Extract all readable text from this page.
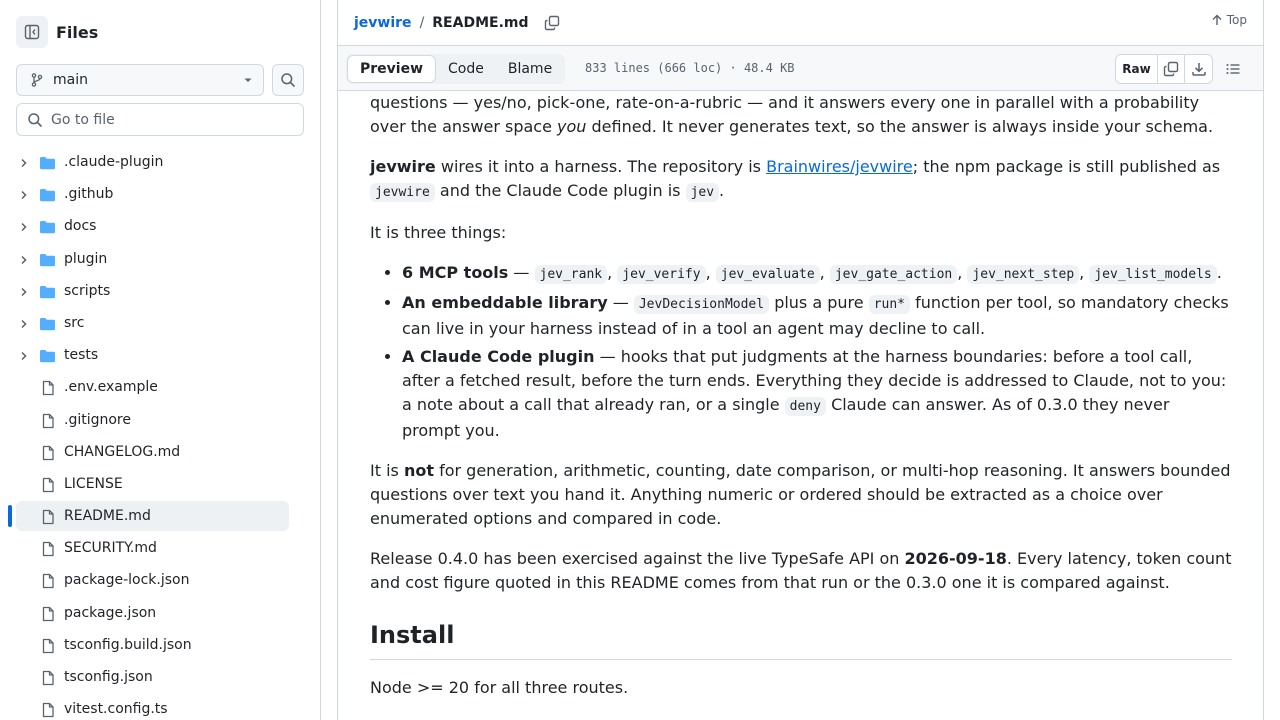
Files
main
Go to file
.claude-plugin
.github
docs
plugin
scripts
src
tests
.env.example
.gitignore
CHANGELOG.md
LICENSE
README.md
SECURITY.md
package-lock.json
package.json
tsconfig.build.json
tsconfig.json
vitest.config.ts
jevwire / README.md	Top
Preview	Code	Blame	833 lines (666 loc) · 48.4 KB	Raw

questions — yes/no, pick-one, rate-on-a-rubric — and it answers every one in parallel with a probability over the answer space you defined. It never generates text, so the answer is always inside your schema.

jevwire wires it into a harness. The repository is Brainwires/jevwire; the npm package is still published as jevwire and the Claude Code plugin is jev .

It is three things:

• 6 MCP tools — jev_rank , jev_verify , jev_evaluate , jev_gate_action , jev_next_step , jev_list_models .
• An embeddable library — JevDecisionModel plus a pure run* function per tool, so mandatory checks can live in your harness instead of in a tool an agent may decline to call.
• A Claude Code plugin — hooks that put judgments at the harness boundaries: before a tool call, after a fetched result, before the turn ends. Everything they decide is addressed to Claude, not to you: a note about a call that already ran, or a single deny Claude can answer. As of 0.3.0 they never prompt you.

It is not for generation, arithmetic, counting, date comparison, or multi-hop reasoning. It answers bounded questions over text you hand it. Anything numeric or ordered should be extracted as a choice over enumerated options and compared in code.

Release 0.4.0 has been exercised against the live TypeSafe API on 2026-09-18. Every latency, token count and cost figure quoted in this README comes from that run or the 0.3.0 one it is compared against.

Install

Node >= 20 for all three routes.
